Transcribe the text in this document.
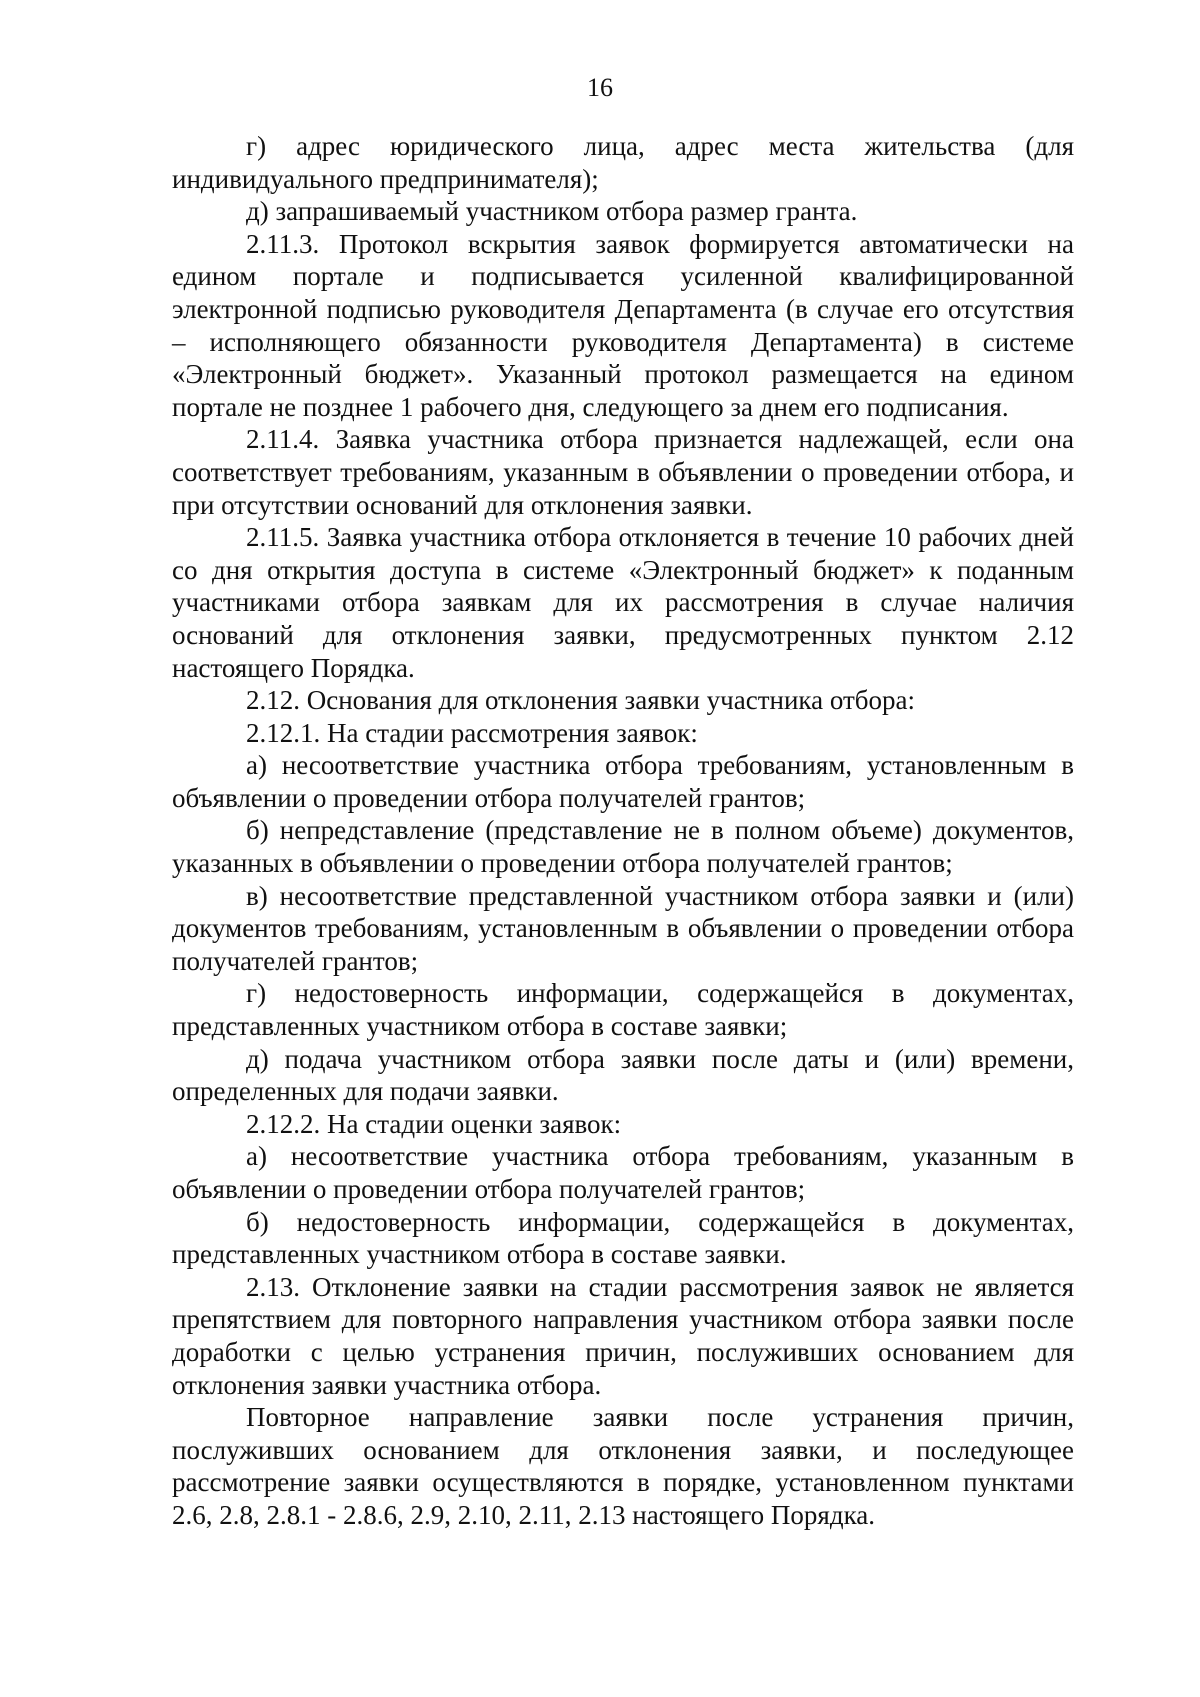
16

г) адрес юридического лица, адрес места жительства (для индивидуального предпринимателя);

д) запрашиваемый участником отбора размер гранта.

2.11.3. Протокол вскрытия заявок формируется автоматически на едином портале и подписывается усиленной квалифицированной электронной подписью руководителя Департамента (в случае его отсутствия – исполняющего обязанности руководителя Департамента) в системе «Электронный бюджет». Указанный протокол размещается на едином портале не позднее 1 рабочего дня, следующего за днем его подписания.

2.11.4. Заявка участника отбора признается надлежащей, если она соответствует требованиям, указанным в объявлении о проведении отбора, и при отсутствии оснований для отклонения заявки.

2.11.5. Заявка участника отбора отклоняется в течение 10 рабочих дней со дня открытия доступа в системе «Электронный бюджет» к поданным участниками отбора заявкам для их рассмотрения в случае наличия оснований для отклонения заявки, предусмотренных пунктом 2.12 настоящего Порядка.

2.12. Основания для отклонения заявки участника отбора:

2.12.1. На стадии рассмотрения заявок:

а) несоответствие участника отбора требованиям, установленным в объявлении о проведении отбора получателей грантов;

б) непредставление (представление не в полном объеме) документов, указанных в объявлении о проведении отбора получателей грантов;

в) несоответствие представленной участником отбора заявки и (или) документов требованиям, установленным в объявлении о проведении отбора получателей грантов;

г) недостоверность информации, содержащейся в документах, представленных участником отбора в составе заявки;

д) подача участником отбора заявки после даты и (или) времени, определенных для подачи заявки.

2.12.2. На стадии оценки заявок:

а) несоответствие участника отбора требованиям, указанным в объявлении о проведении отбора получателей грантов;

б) недостоверность информации, содержащейся в документах, представленных участником отбора в составе заявки.

2.13. Отклонение заявки на стадии рассмотрения заявок не является препятствием для повторного направления участником отбора заявки после доработки с целью устранения причин, послуживших основанием для отклонения заявки участника отбора.

Повторное направление заявки после устранения причин, послуживших основанием для отклонения заявки, и последующее рассмотрение заявки осуществляются в порядке, установленном пунктами 2.6, 2.8, 2.8.1 - 2.8.6, 2.9, 2.10, 2.11, 2.13 настоящего Порядка.
